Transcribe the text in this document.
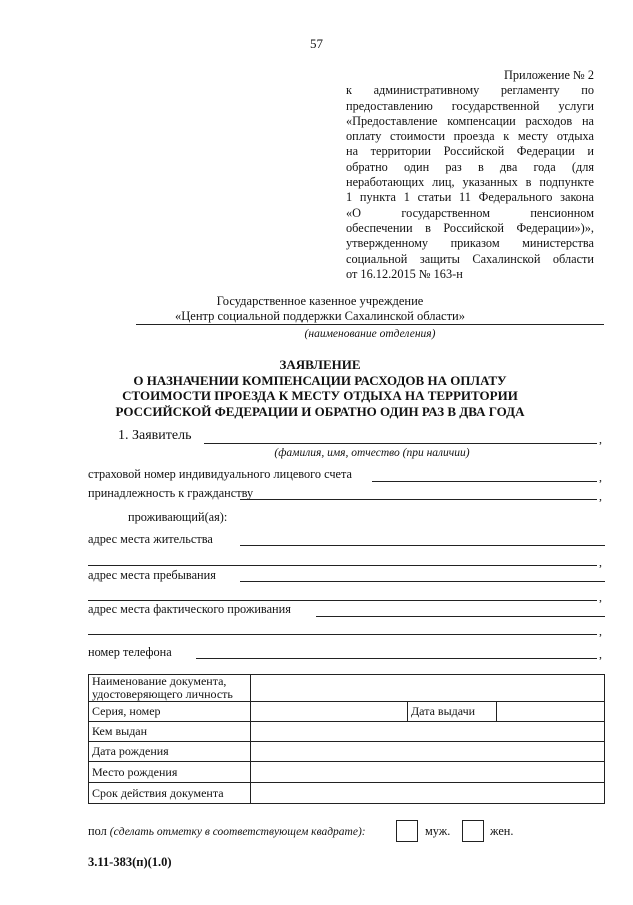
57
Приложение № 2
к административному регламенту по
предоставлению государственной услуги
«Предоставление компенсации расходов на
оплату стоимости проезда к месту отдыха
на территории Российской Федерации и
обратно один раз в два года (для
неработающих лиц, указанных в подпункте
1 пункта 1 статьи 11 Федерального закона
«О государственном пенсионном
обеспечении в Российской Федерации»)»,
утвержденному приказом министерства
социальной защиты Сахалинской области
от 16.12.2015 № 163-н
Государственное казенное учреждение
«Центр социальной поддержки Сахалинской области»
(наименование отделения)
ЗАЯВЛЕНИЕ
О НАЗНАЧЕНИИ КОМПЕНСАЦИИ РАСХОДОВ НА ОПЛАТУ
СТОИМОСТИ ПРОЕЗДА К МЕСТУ ОТДЫХА НА ТЕРРИТОРИИ
РОССИЙСКОЙ ФЕДЕРАЦИИ И ОБРАТНО ОДИН РАЗ В ДВА ГОДА
1. Заявитель	,
(фамилия, имя, отчество (при наличии)
страховой номер индивидуального лицевого счета	,
принадлежность к гражданству	,
проживающий(ая):
адрес места жительства
,
адрес места пребывания
,
адрес места фактического проживания
,
номер телефона	,
Наименование документа, удостоверяющего личность			
Серия, номер		Дата выдачи	
Кем выдан			
Дата рождения			
Место рождения			
Срок действия документа			
пол (сделать отметку в соответствующем квадрате):	муж.	жен.
3.11-383(п)(1.0)
